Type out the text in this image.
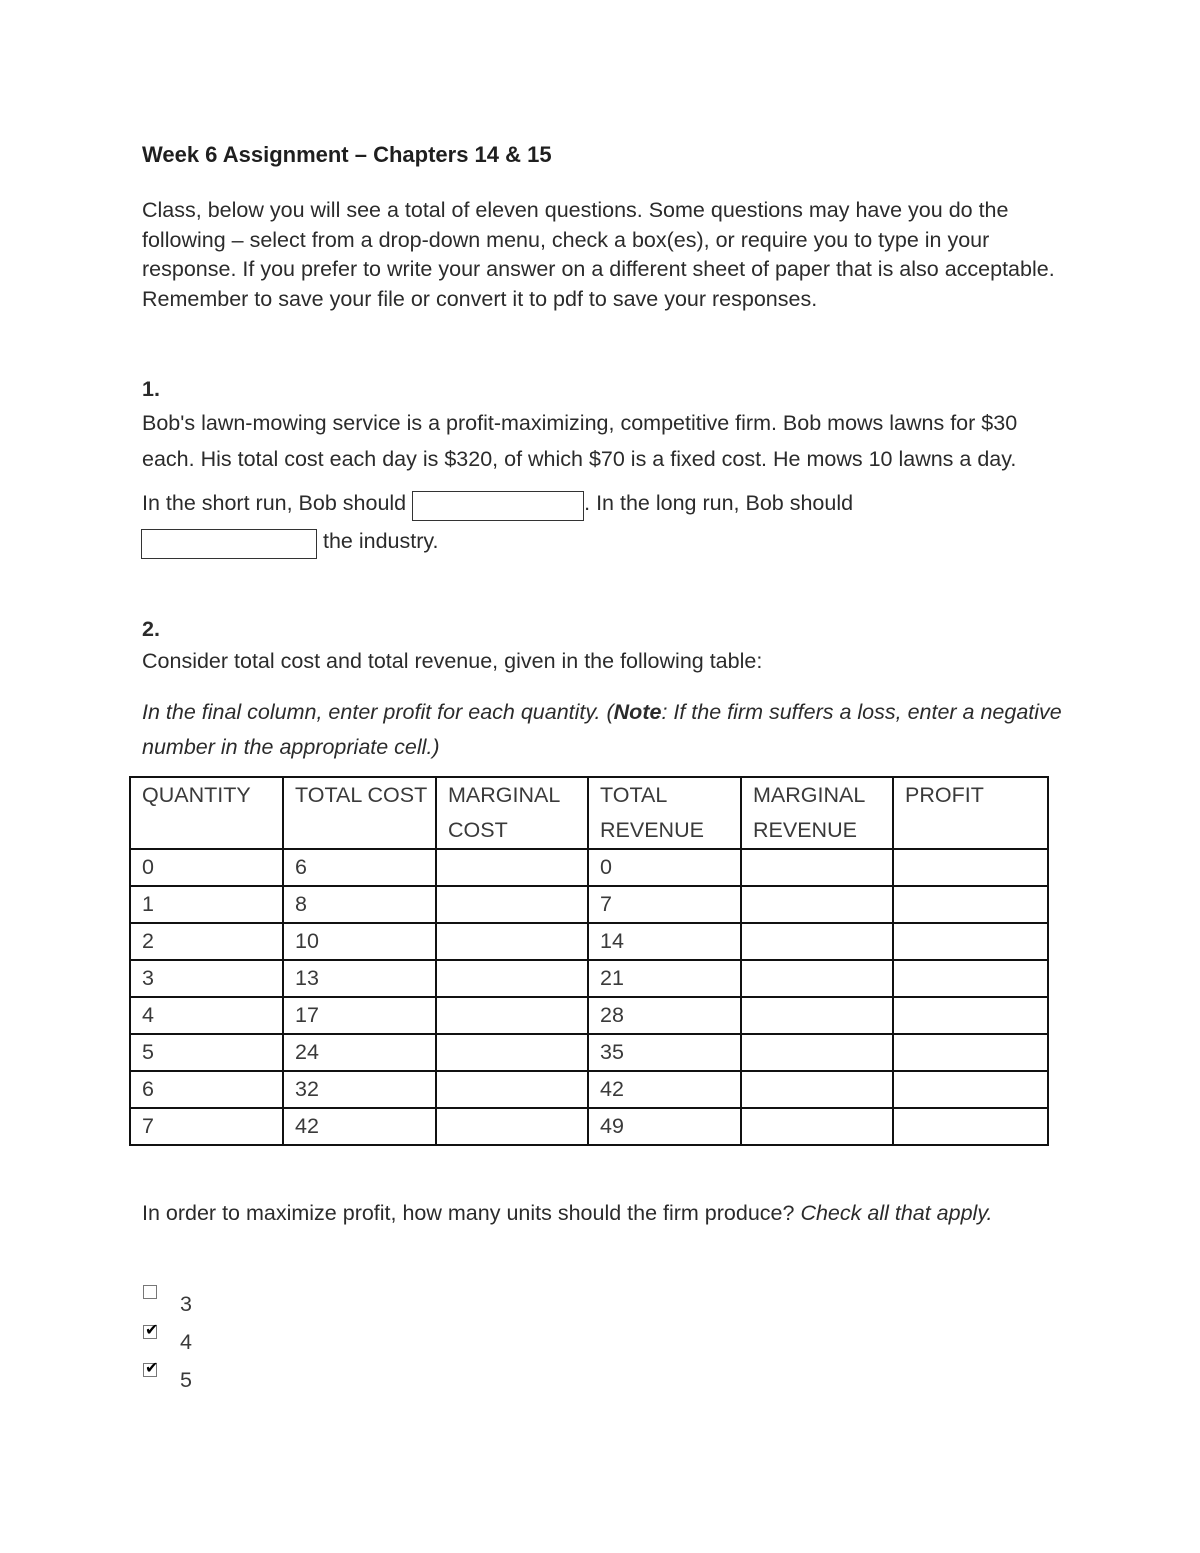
Week 6 Assignment – Chapters 14 & 15

Class, below you will see a total of eleven questions. Some questions may have you do the following – select from a drop-down menu, check a box(es), or require you to type in your response. If you prefer to write your answer on a different sheet of paper that is also acceptable. Remember to save your file or convert it to pdf to save your responses.

1.

Bob's lawn-mowing service is a profit-maximizing, competitive firm. Bob mows lawns for $30 each. His total cost each day is $320, of which $70 is a fixed cost. He mows 10 lawns a day.

In the short run, Bob should	. In the long run, Bob should
the industry.

2.

Consider total cost and total revenue, given in the following table:

In the final column, enter profit for each quantity. (Note: If the firm suffers a loss, enter a negative number in the appropriate cell.)

QUANTITY	TOTAL COST	MARGINAL COST	TOTAL REVENUE	MARGINAL REVENUE	PROFIT
0	6		0		
1	8		7		
2	10		14		
3	13		21		
4	17		28		
5	24		35		
6	32		42		
7	42		49		

In order to maximize profit, how many units should the firm produce? Check all that apply.

3
✔ 4
✔ 5
